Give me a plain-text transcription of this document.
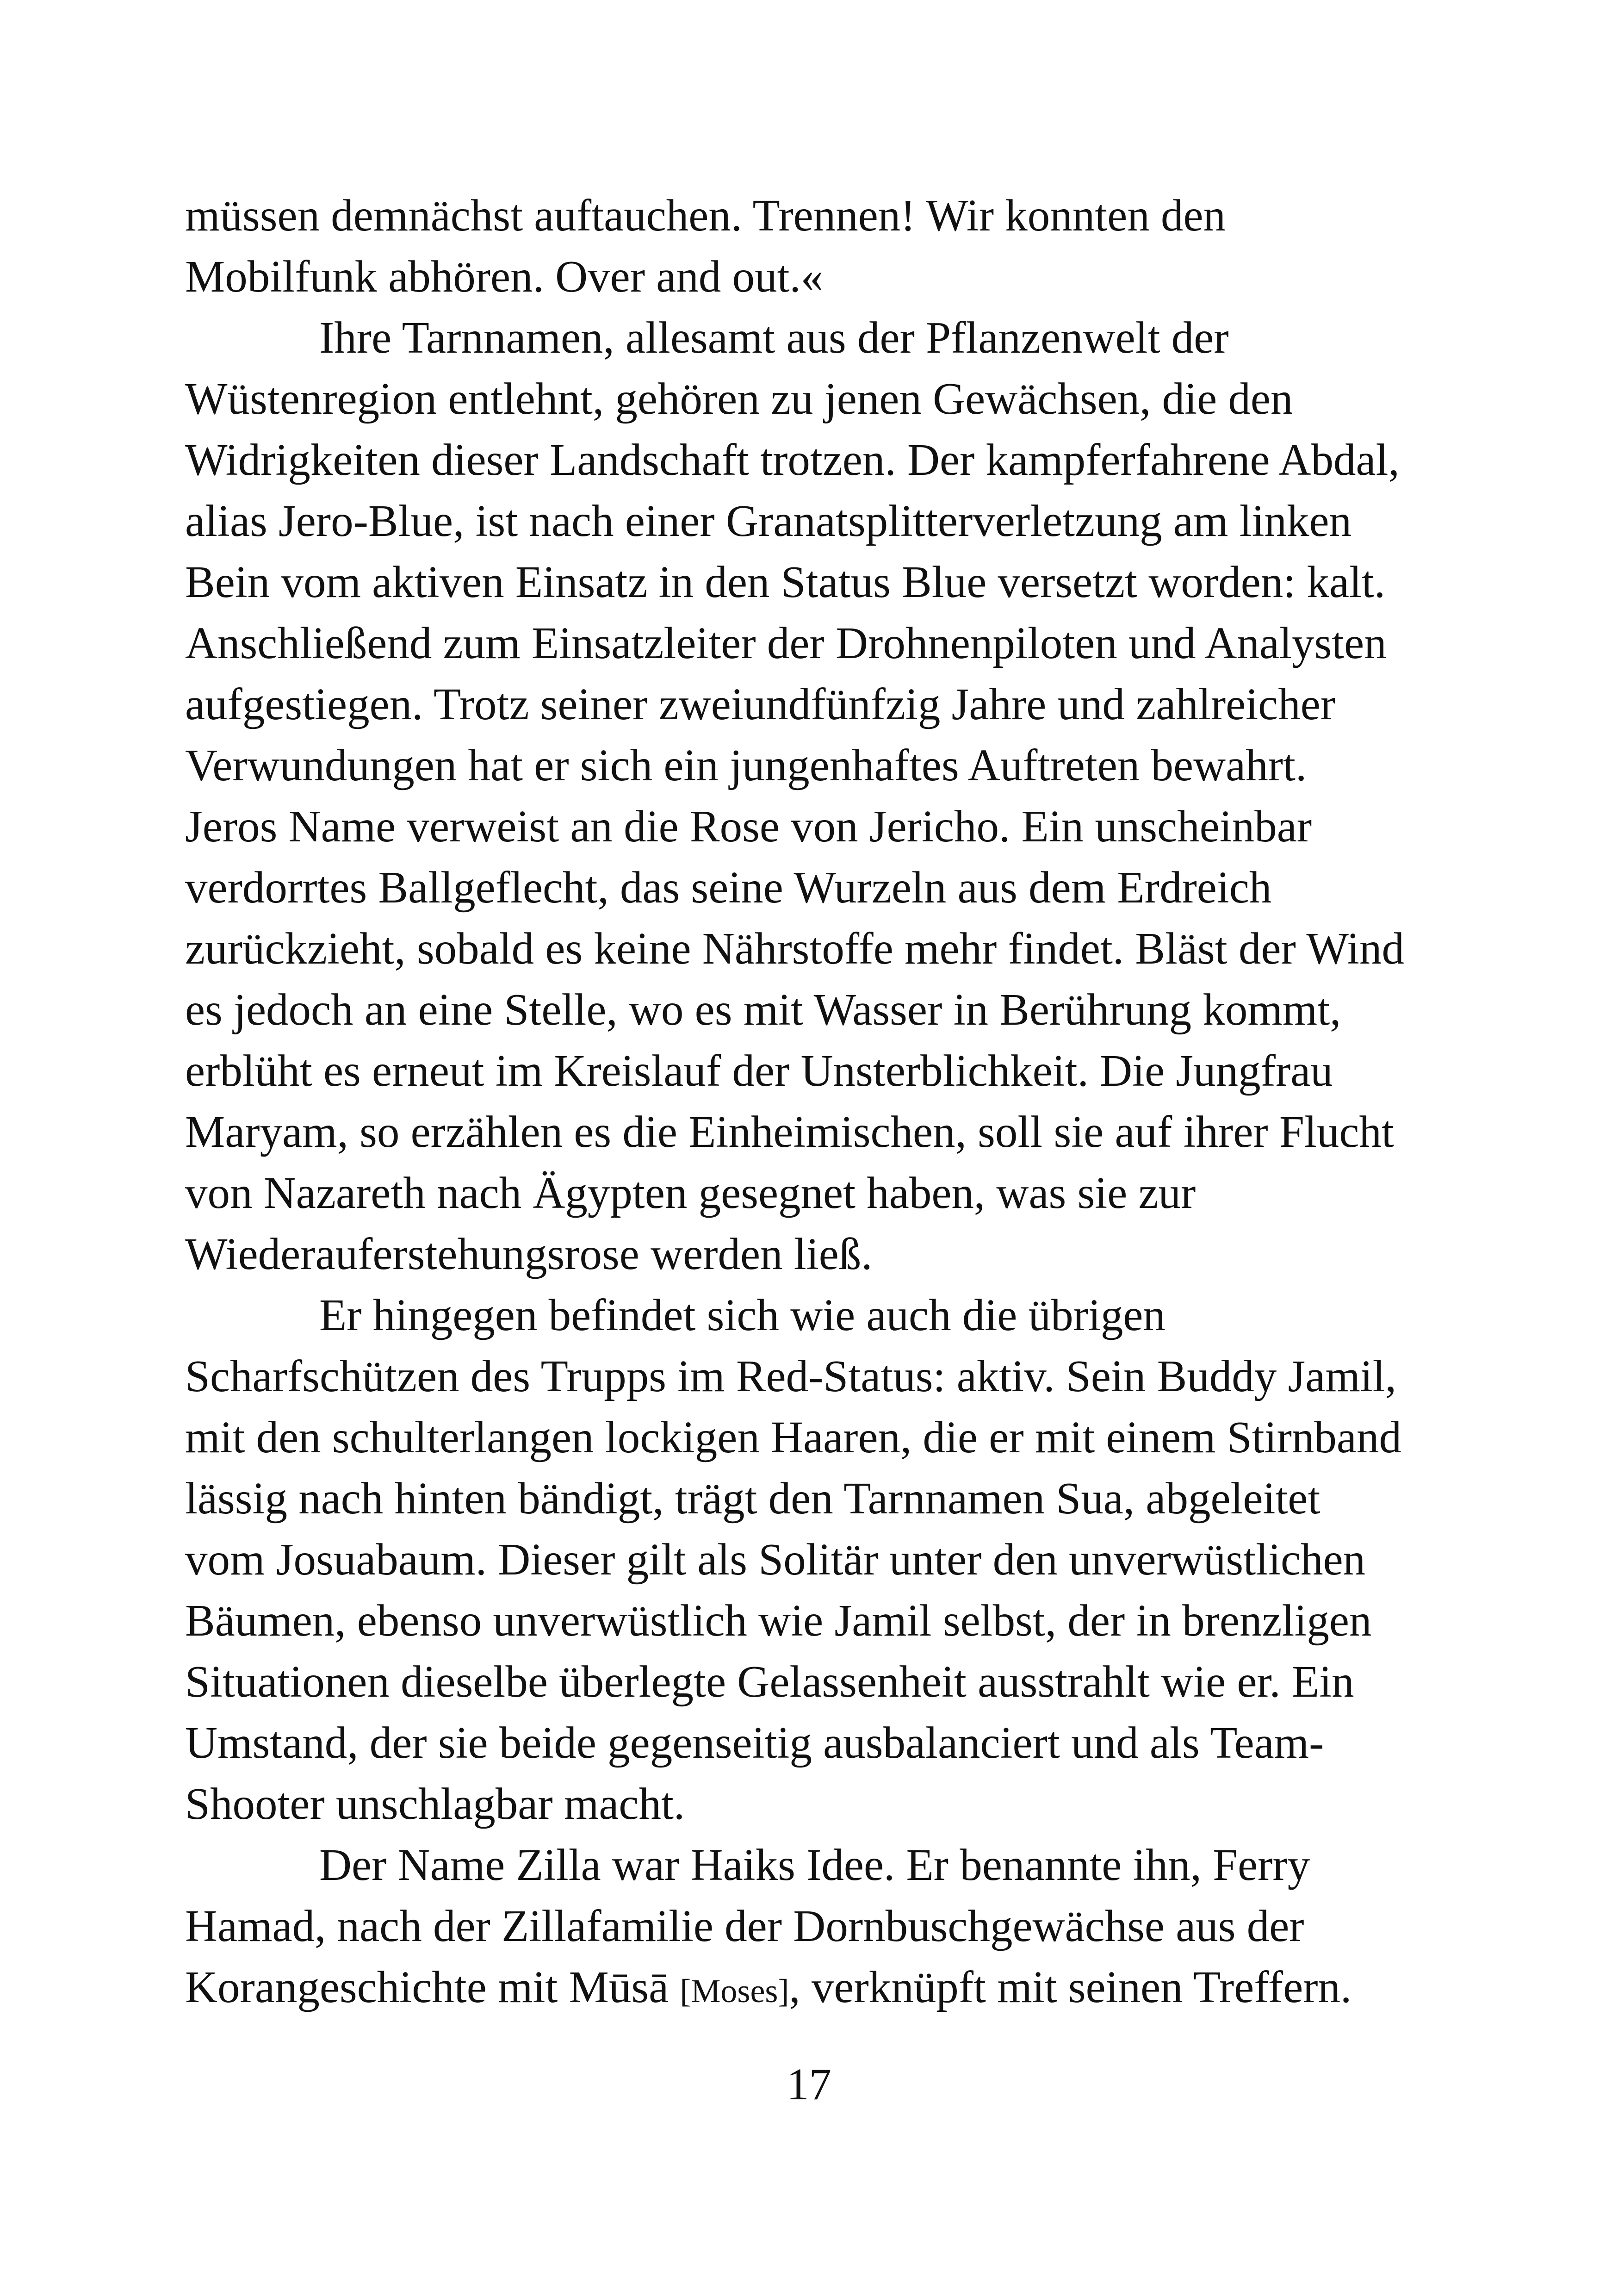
müssen demnächst auftauchen. Trennen! Wir konnten den
Mobilfunk abhören. Over and out.«
Ihre Tarnnamen, allesamt aus der Pflanzenwelt der
Wüstenregion entlehnt, gehören zu jenen Gewächsen, die den
Widrigkeiten dieser Landschaft trotzen. Der kampferfahrene Abdal,
alias Jero-Blue, ist nach einer Granatsplitterverletzung am linken
Bein vom aktiven Einsatz in den Status Blue versetzt worden: kalt.
Anschließend zum Einsatzleiter der Drohnenpiloten und Analysten
aufgestiegen. Trotz seiner zweiundfünfzig Jahre und zahlreicher
Verwundungen hat er sich ein jungenhaftes Auftreten bewahrt.
Jeros Name verweist an die Rose von Jericho. Ein unscheinbar
verdorrtes Ballgeflecht, das seine Wurzeln aus dem Erdreich
zurückzieht, sobald es keine Nährstoffe mehr findet. Bläst der Wind
es jedoch an eine Stelle, wo es mit Wasser in Berührung kommt,
erblüht es erneut im Kreislauf der Unsterblichkeit. Die Jungfrau
Maryam, so erzählen es die Einheimischen, soll sie auf ihrer Flucht
von Nazareth nach Ägypten gesegnet haben, was sie zur
Wiederauferstehungsrose werden ließ.
Er hingegen befindet sich wie auch die übrigen
Scharfschützen des Trupps im Red-Status: aktiv. Sein Buddy Jamil,
mit den schulterlangen lockigen Haaren, die er mit einem Stirnband
lässig nach hinten bändigt, trägt den Tarnnamen Sua, abgeleitet
vom Josuabaum. Dieser gilt als Solitär unter den unverwüstlichen
Bäumen, ebenso unverwüstlich wie Jamil selbst, der in brenzligen
Situationen dieselbe überlegte Gelassenheit ausstrahlt wie er. Ein
Umstand, der sie beide gegenseitig ausbalanciert und als Team-
Shooter unschlagbar macht.
Der Name Zilla war Haiks Idee. Er benannte ihn, Ferry
Hamad, nach der Zillafamilie der Dornbuschgewächse aus der
Korangeschichte mit Mūsā [Moses], verknüpft mit seinen Treffern.
17
